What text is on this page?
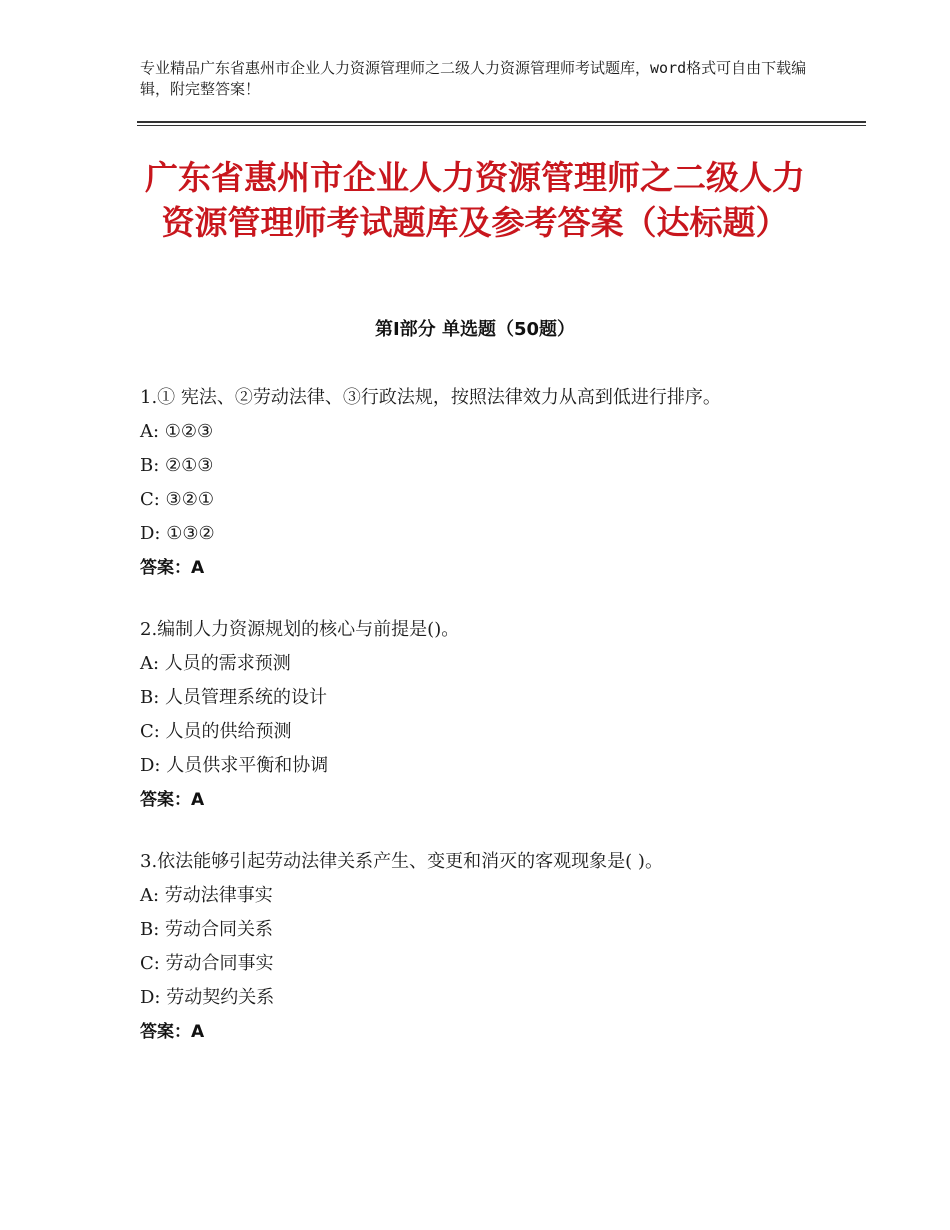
专业精品广东省惠州市企业人力资源管理师之二级人力资源管理师考试题库，word格式可自由下载编辑，附完整答案！
广东省惠州市企业人力资源管理师之二级人力资源管理师考试题库及参考答案（达标题）
第Ⅰ部分 单选题（50题）
1.① 宪法、②劳动法律、③行政法规，按照法律效力从高到低进行排序。
A: ①②③
B: ②①③
C: ③②①
D: ①③②
答案：A
2.编制人力资源规划的核心与前提是()。
A: 人员的需求预测
B: 人员管理系统的设计
C: 人员的供给预测
D: 人员供求平衡和协调
答案：A
3.依法能够引起劳动法律关系产生、变更和消灭的客观现象是( )。
A: 劳动法律事实
B: 劳动合同关系
C: 劳动合同事实
D: 劳动契约关系
答案：A
